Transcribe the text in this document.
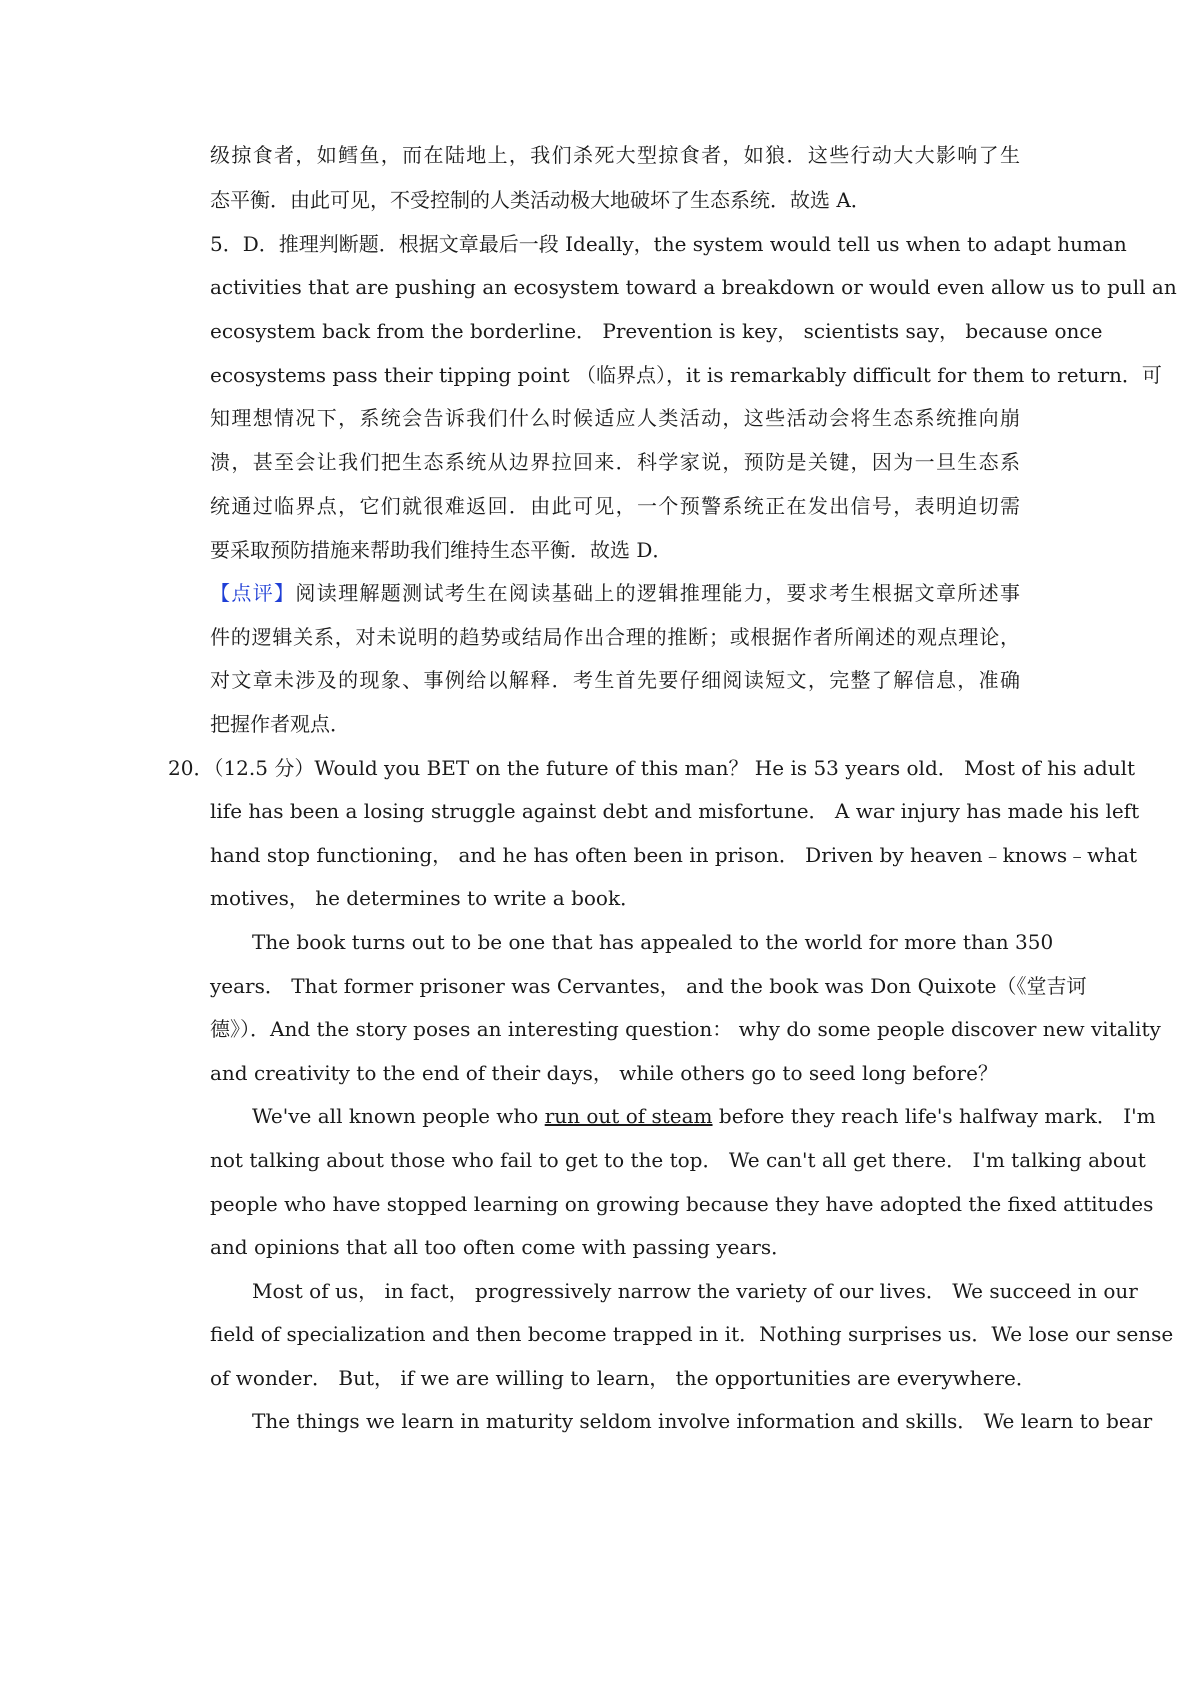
级掠食者，如鳕鱼，而在陆地上，我们杀死大型掠食者，如狼．这些行动大大影响了生
态平衡．由此可见，不受控制的人类活动极大地破坏了生态系统．故选 A．
5．D．推理判断题．根据文章最后一段 Ideally，the system would tell us when to adapt human
activities that are pushing an ecosystem toward a breakdown or would even allow us to pull an
ecosystem back from the borderline． Prevention is key， scientists say， because once
ecosystems pass their tipping point （临界点），it is remarkably difficult for them to return．可
知理想情况下，系统会告诉我们什么时候适应人类活动，这些活动会将生态系统推向崩
溃，甚至会让我们把生态系统从边界拉回来．科学家说，预防是关键，因为一旦生态系
统通过临界点，它们就很难返回．由此可见，一个预警系统正在发出信号，表明迫切需
要采取预防措施来帮助我们维持生态平衡．故选 D．
【点评】阅读理解题测试考生在阅读基础上的逻辑推理能力，要求考生根据文章所述事
件的逻辑关系，对未说明的趋势或结局作出合理的推断；或根据作者所阐述的观点理论，
对文章未涉及的现象、事例给以解释．考生首先要仔细阅读短文，完整了解信息，准确
把握作者观点．
20．（12.5 分）Would you BET on the future of this man？ He is 53 years old． Most of his adult
life has been a losing struggle against debt and misfortune． A war injury has made his left
hand stop functioning， and he has often been in prison． Driven by heaven﹣knows﹣what
motives， he determines to write a book．
The book turns out to be one that has appealed to the world for more than 350
years． That former prisoner was Cervantes， and the book was Don Quixote（《堂吉诃
德》）．And the story poses an interesting question： why do some people discover new vitality
and creativity to the end of their days， while others go to seed long before？
We've all known people who run out of steam before they reach life's halfway mark． I'm
not talking about those who fail to get to the top． We can't all get there． I'm talking about
people who have stopped learning on growing because they have adopted the fixed attitudes
and opinions that all too often come with passing years．
Most of us， in fact， progressively narrow the variety of our lives． We succeed in our
field of specialization and then become trapped in it．Nothing surprises us．We lose our sense
of wonder． But， if we are willing to learn， the opportunities are everywhere．
The things we learn in maturity seldom involve information and skills． We learn to bear
